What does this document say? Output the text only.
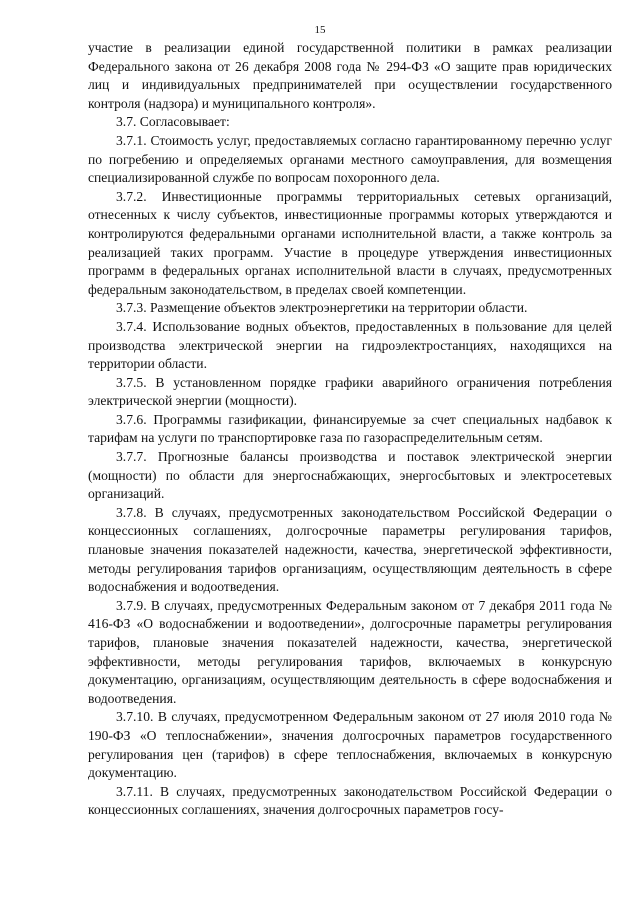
15

участие в реализации единой государственной политики в рамках реализации Федерального закона от 26 декабря 2008 года № 294-ФЗ «О защите прав юридических лиц и индивидуальных предпринимателей при осуществлении государственного контроля (надзора) и муниципального контроля».

3.7. Согласовывает:

3.7.1. Стоимость услуг, предоставляемых согласно гарантированному перечню услуг по погребению и определяемых органами местного самоуправления, для возмещения специализированной службе по вопросам похоронного дела.

3.7.2. Инвестиционные программы территориальных сетевых организаций, отнесенных к числу субъектов, инвестиционные программы которых утверждаются и контролируются федеральными органами исполнительной власти, а также контроль за реализацией таких программ. Участие в процедуре утверждения инвестиционных программ в федеральных органах исполнительной власти в случаях, предусмотренных федеральным законодательством, в пределах своей компетенции.

3.7.3. Размещение объектов электроэнергетики на территории области.

3.7.4. Использование водных объектов, предоставленных в пользование для целей производства электрической энергии на гидроэлектростанциях, находящихся на территории области.

3.7.5. В установленном порядке графики аварийного ограничения потребления электрической энергии (мощности).

3.7.6. Программы газификации, финансируемые за счет специальных надбавок к тарифам на услуги по транспортировке газа по газораспределительным сетям.

3.7.7. Прогнозные балансы производства и поставок электрической энергии (мощности) по области для энергоснабжающих, энергосбытовых и электросетевых организаций.

3.7.8. В случаях, предусмотренных законодательством Российской Федерации о концессионных соглашениях, долгосрочные параметры регулирования тарифов, плановые значения показателей надежности, качества, энергетической эффективности, методы регулирования тарифов организациям, осуществляющим деятельность в сфере водоснабжения и водоотведения.

3.7.9. В случаях, предусмотренных Федеральным законом от 7 декабря 2011 года № 416-ФЗ «О водоснабжении и водоотведении», долгосрочные параметры регулирования тарифов, плановые значения показателей надежности, качества, энергетической эффективности, методы регулирования тарифов, включаемых в конкурсную документацию, организациям, осуществляющим деятельность в сфере водоснабжения и водоотведения.

3.7.10. В случаях, предусмотренном Федеральным законом от 27 июля 2010 года № 190-ФЗ «О теплоснабжении», значения долгосрочных параметров государственного регулирования цен (тарифов) в сфере теплоснабжения, включаемых в конкурсную документацию.

3.7.11. В случаях, предусмотренных законодательством Российской Федерации о концессионных соглашениях, значения долгосрочных параметров госу-
